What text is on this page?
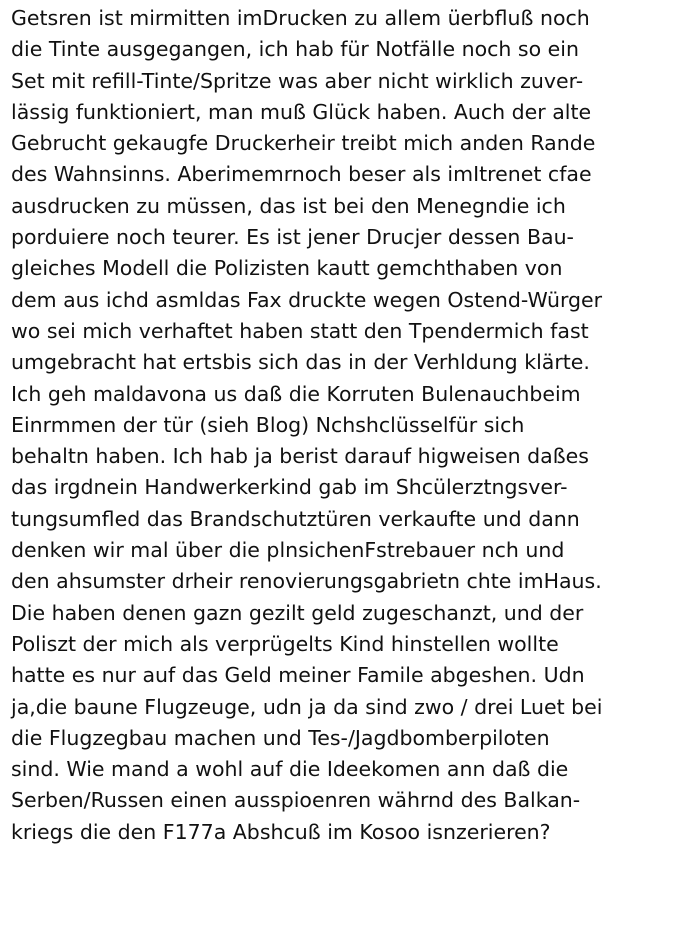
Getsren ist mirmitten imDrucken zu allem üerbfluß noch
die Tinte ausgegangen, ich hab für Notfälle noch so ein
Set mit refill-Tinte/Spritze was aber nicht wirklich zuver-
lässig funktioniert, man muß Glück haben. Auch der alte
Gebrucht gekaugfe Druckerheir treibt mich anden Rande
des Wahnsinns. Aberimemrnoch beser als imItrenet cfae
ausdrucken zu müssen, das ist bei den Menegndie ich
porduiere noch teurer. Es ist jener Drucjer dessen Bau-
gleiches Modell die Polizisten kautt gemchthaben von
dem aus ichd asmldas Fax druckte wegen Ostend-Würger
wo sei mich verhaftet haben statt den Tpendermich fast
umgebracht hat ertsbis sich das in der Verhldung klärte.
Ich geh maldavona us daß die Korruten Bulenauchbeim
Einrmmen der tür (sieh Blog) Nchshclüsselfür sich
behaltn haben. Ich hab ja berist darauf higweisen daßes
das irgdnein Handwerkerkind gab im Shcülerztngsver-
tungsumfled das Brandschutztüren verkaufte und dann
denken wir mal über die plnsichenFstrebauer nch und
den ahsumster drheir renovierungsgabrietn chte imHaus.
Die haben denen gazn gezilt geld zugeschanzt, und der
Poliszt der mich als verprügelts Kind hinstellen wollte
hatte es nur auf das Geld meiner Famile abgeshen. Udn
ja,die baune Flugzeuge, udn ja da sind zwo / drei Luet bei
die Flugzegbau machen und Tes-/Jagdbomberpiloten
sind. Wie mand a wohl auf die Ideekomen ann daß die
Serben/Russen einen ausspioenren währnd des Balkan-
kriegs die den F177a Abshcuß im Kosoo isnzerieren?
